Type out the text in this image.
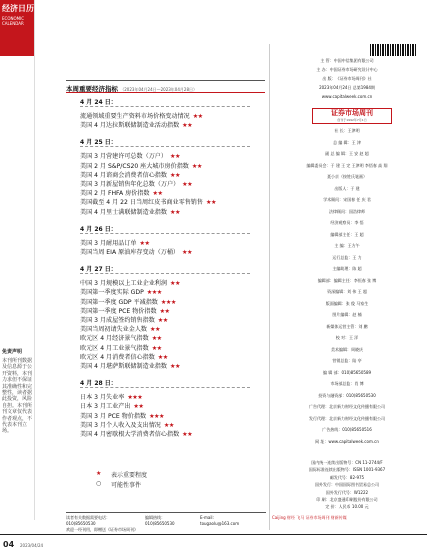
经济日历
ECONOMIC CALENDAR
免责声明
本刊所刊数据及信息源于公开资料，本刊力求但不保证其准确性和完整性，读者据此投资，风险自担。本刊所刊文章仅代表作者观点，不代表本刊立场。
本周重要经济指标 （2023年04月24日—2023年04月28日）
4 月 24 日：
流通领域重要生产资料市场价格变动情况 ★★
美国 4 月达拉斯联储制造业活动指数 ★★
4 月 25 日：
美国 3 月营建许可总数（万户） ★★
美国 2 月 S&P/CS20 座大城市房价指数 ★★
美国 4 月谘商会消费者信心指数 ★★
美国 3 月新屋销售年化总数（万户） ★★
美国 2 月 FHFA 房价指数 ★★
美国截至 4 月 22 日当周红皮书商业零售销售 ★★
美国 4 月里士满联储制造业指数 ★★
4 月 26 日：
美国 3 月耐用品订单 ★★
美国当周 EIA 原油库存变动（万桶） ★★
4 月 27 日：
中国 3 月规模以上工业企业利润 ★★
美国第一季度实际 GDP ★★★
美国第一季度 GDP 平减指数 ★★★
美国第一季度 PCE 物价指数 ★★
美国 3 月成屋签约销售指数 ★★
美国当周初请失业金人数 ★★
欧元区 4 月经济景气指数 ★★
欧元区 4 月工业景气指数 ★★
欧元区 4 月消费者信心指数 ★★
美国 4 月堪萨斯联储制造业指数 ★★
4 月 28 日：
日本 3 月失业率 ★★★
日本 3 月工业产出 ★★
美国 3 月 PCE 物价指数 ★★★
美国 3 月个人收入及支出情况 ★★
美国 4 月密歇根大学消费者信心指数 ★★
★ 表示重要程度
○ 可能性事件
读者有关数据需要电话：
010)85650530
编辑热线：
010)85650530
E-mail:
tougaolu@163.com
欢迎一经刊用，即赠送《证券市场周刊》
04 2023/04/24
主 管：中国中信集团有限公司
主 办：中国证券市场研究设计中心
出 版：《证券市场周刊》社
2023年04月24日 总第1984期
www.capitalweek.com.cn
证券市场周刊
创刊于1992年7月1日
社 长：王津明
总 编 辑：王 津
副 总 编 辑：王 安 赵 超
编辑委员会：于 建 王 定 王津明 李悟春 高 翔
聂小京（按姓氏笔画）
出版人：于 建
学术顾问：宋国春 任 庆 君
法律顾问：国浩律师
经济观察员：李 悟
编辑部主任：王 超
主 编：王方午
运行总监：王 力
主编助理：陈 超
编辑部：编辑主任：李恒春 张 博
资深编辑：刘 伟 王 超
版面编辑：张 俊 马家生
图片编辑：赵 楠
新媒体运营主管：刘 鹏
校 对：王 洋
美术编辑：周晓庆
营销总监：陆 亭
编 辑 部：010)85650589
市场部总监：肖 博
投资与融资部：010)85650530
广告代理：北京新力财经文化传播有限公司
发行代理：北京新力财经文化传播有限公司
广告热线：010)85650516
网 址：www.capitalweek.com.cn
国内统一连续出版物号：CN 11-2744/F
国际标准连续出版物号：ISSN 1001-9367
邮发代号：82-975
国外发行：中国国际图书贸易总公司
国外发行代号：W1222
印 刷：北京盛通印刷股份有限公司
定 价：人民币 10.00 元
Caijing 财经 飞马 证券市场周刊 财新传媒
